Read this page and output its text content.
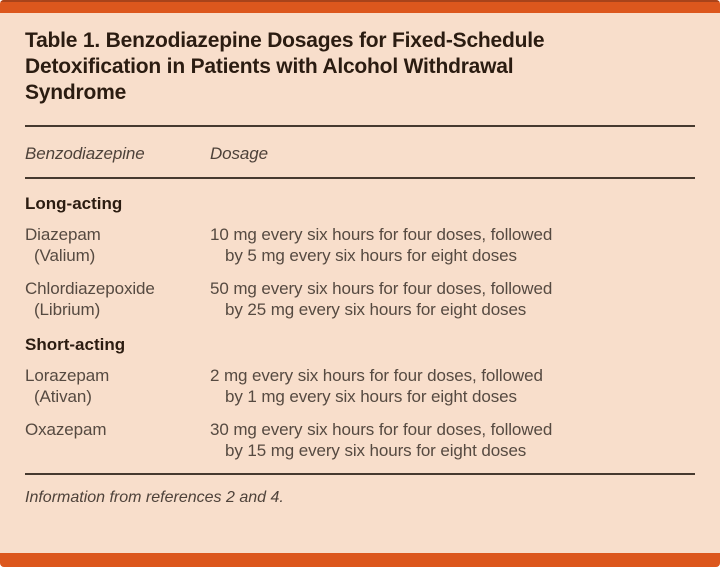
Table 1. Benzodiazepine Dosages for Fixed-Schedule
Detoxification in Patients with Alcohol Withdrawal
Syndrome
Benzodiazepine	Dosage
Long-acting
Diazepam
(Valium)
10 mg every six hours for four doses, followed
by 5 mg every six hours for eight doses
Chlordiazepoxide
(Librium)
50 mg every six hours for four doses, followed
by 25 mg every six hours for eight doses
Short-acting
Lorazepam
(Ativan)
2 mg every six hours for four doses, followed
by 1 mg every six hours for eight doses
Oxazepam	30 mg every six hours for four doses, followed
by 15 mg every six hours for eight doses
Information from references 2 and 4.
